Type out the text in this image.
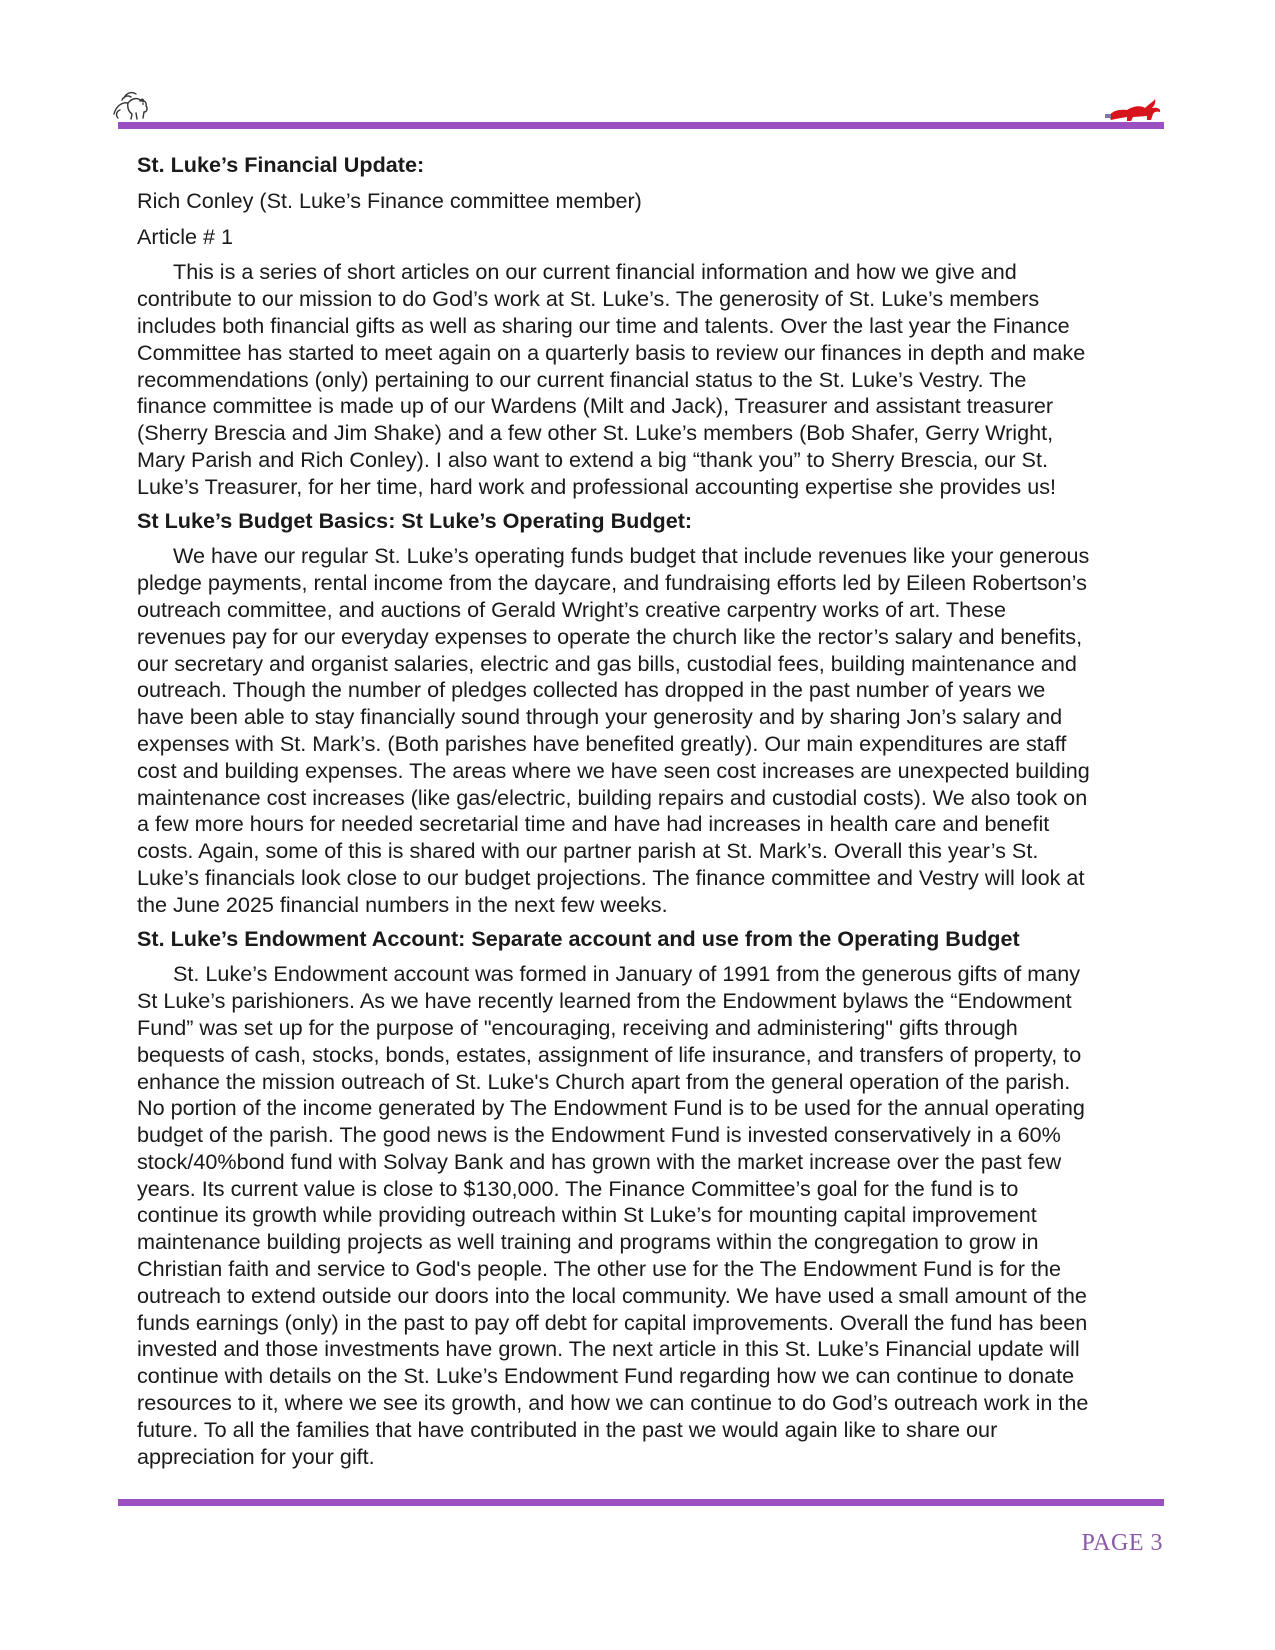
St. Luke’s Financial Update:

Rich Conley (St. Luke’s Finance committee member)

Article # 1

This is a series of short articles on our current financial information and how we give and
contribute to our mission to do God’s work at St. Luke’s. The generosity of St. Luke’s members
includes both financial gifts as well as sharing our time and talents. Over the last year the Finance
Committee has started to meet again on a quarterly basis to review our finances in depth and make
recommendations (only) pertaining to our current financial status to the St. Luke’s Vestry. The
finance committee is made up of our Wardens (Milt and Jack), Treasurer and assistant treasurer
(Sherry Brescia and Jim Shake) and a few other St. Luke’s members (Bob Shafer, Gerry Wright,
Mary Parish and Rich Conley). I also want to extend a big “thank you” to Sherry Brescia, our St.
Luke’s Treasurer, for her time, hard work and professional accounting expertise she provides us!

St Luke’s Budget Basics: St Luke’s Operating Budget:

We have our regular St. Luke’s operating funds budget that include revenues like your generous
pledge payments, rental income from the daycare, and fundraising efforts led by Eileen Robertson’s
outreach committee, and auctions of Gerald Wright’s creative carpentry works of art. These
revenues pay for our everyday expenses to operate the church like the rector’s salary and benefits,
our secretary and organist salaries, electric and gas bills, custodial fees, building maintenance and
outreach. Though the number of pledges collected has dropped in the past number of years we
have been able to stay financially sound through your generosity and by sharing Jon’s salary and
expenses with St. Mark’s. (Both parishes have benefited greatly). Our main expenditures are staff
cost and building expenses. The areas where we have seen cost increases are unexpected building
maintenance cost increases (like gas/electric, building repairs and custodial costs). We also took on
a few more hours for needed secretarial time and have had increases in health care and benefit
costs. Again, some of this is shared with our partner parish at St. Mark’s. Overall this year’s St.
Luke’s financials look close to our budget projections. The finance committee and Vestry will look at
the June 2025 financial numbers in the next few weeks.

St. Luke’s Endowment Account: Separate account and use from the Operating Budget

St. Luke’s Endowment account was formed in January of 1991 from the generous gifts of many
St Luke’s parishioners. As we have recently learned from the Endowment bylaws the “Endowment
Fund” was set up for the purpose of "encouraging, receiving and administering" gifts through
bequests of cash, stocks, bonds, estates, assignment of life insurance, and transfers of property, to
enhance the mission outreach of St. Luke's Church apart from the general operation of the parish.
No portion of the income generated by The Endowment Fund is to be used for the annual operating
budget of the parish. The good news is the Endowment Fund is invested conservatively in a 60%
stock/40%bond fund with Solvay Bank and has grown with the market increase over the past few
years. Its current value is close to $130,000. The Finance Committee’s goal for the fund is to
continue its growth while providing outreach within St Luke’s for mounting capital improvement
maintenance building projects as well training and programs within the congregation to grow in
Christian faith and service to God's people. The other use for the The Endowment Fund is for the
outreach to extend outside our doors into the local community. We have used a small amount of the
funds earnings (only) in the past to pay off debt for capital improvements. Overall the fund has been
invested and those investments have grown. The next article in this St. Luke’s Financial update will
continue with details on the St. Luke’s Endowment Fund regarding how we can continue to donate
resources to it, where we see its growth, and how we can continue to do God’s outreach work in the
future. To all the families that have contributed in the past we would again like to share our
appreciation for your gift.

PAGE 3
